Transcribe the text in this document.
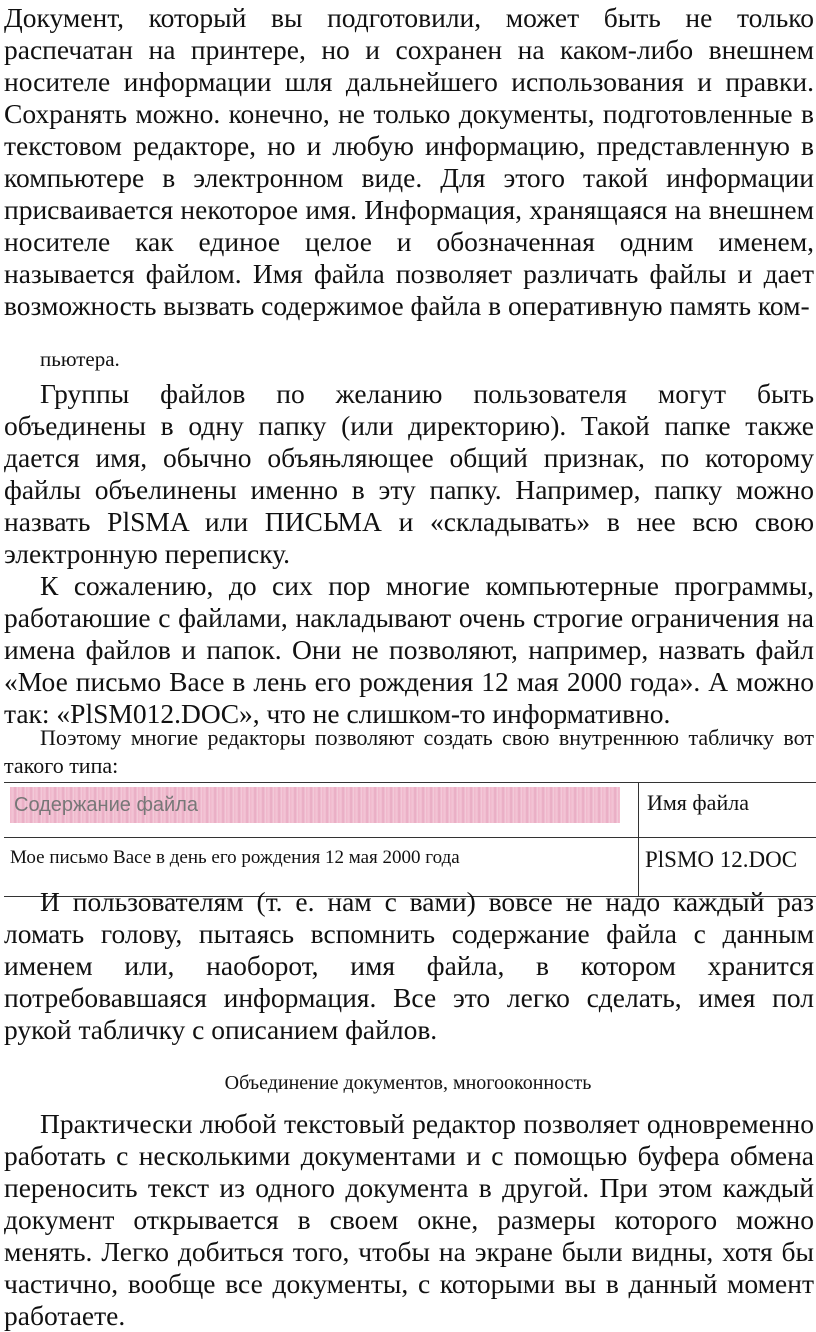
Документ, который вы подготовили, может быть не только распечатан на принтере, но и сохранен на каком-либо внешнем носителе информации шля дальнейшего использования и правки. Сохранять можно. конечно, не только документы, подготовленные в текстовом редакторе, но и любую информацию, представленную в компьютере в электронном виде. Для этого такой информации присваивается некоторое имя. Информация, хранящаяся на внешнем носителе как единое целое и обозначенная одним именем, называется файлом. Имя файла позволяет различать файлы и дает возможность вызвать содержимое файла в оперативную память ком-

пьютера.

Группы файлов по желанию пользователя могут быть объединены в одну папку (или директорию). Такой папке также дается имя, обычно объяњляющее общий признак, по которому файлы объелинены именно в эту папку. Например, папку можно назвать PlSMA или ПИСЬМА и «складывать» в нее всю свою электронную переписку.

К сожалению, до сих пор многие компьютерные программы, работаюшие с файлами, накладывают очень строгие ограничения на имена файлов и папок. Они не позволяют, например, назвать файл «Мое письмо Васе в лень его рождения 12 мая 2000 года». А можно так: «PlSM012.DOC», что не слишком-то информативно.

Поэтому многие редакторы позволяют создать свою внутреннюю табличку вот такого типа:

Содержание файла	Имя файла
Мое письмо Васе в день его рождения 12 мая 2000 года	PlSMO 12.DOC

И пользователям (т. е. нам с вами) вовсе не надо каждый раз ломать голову, пытаясь вспомнить содержание файла с данным именем или, наоборот, имя файла, в котором хранится потребовавшаяся информация. Все это легко сделать, имея пол рукой табличку с описанием файлов.

Объединение документов, многооконность

Практически любой текстовый редактор позволяет одновременно работать с несколькими документами и с помощью буфера обмена переносить текст из одного документа в другой. При этом каждый документ открывается в своем окне, размеры которого можно менять. Легко добиться того, чтобы на экране были видны, хотя бы частично, вообще все документы, с которыми вы в данный момент работаете.
